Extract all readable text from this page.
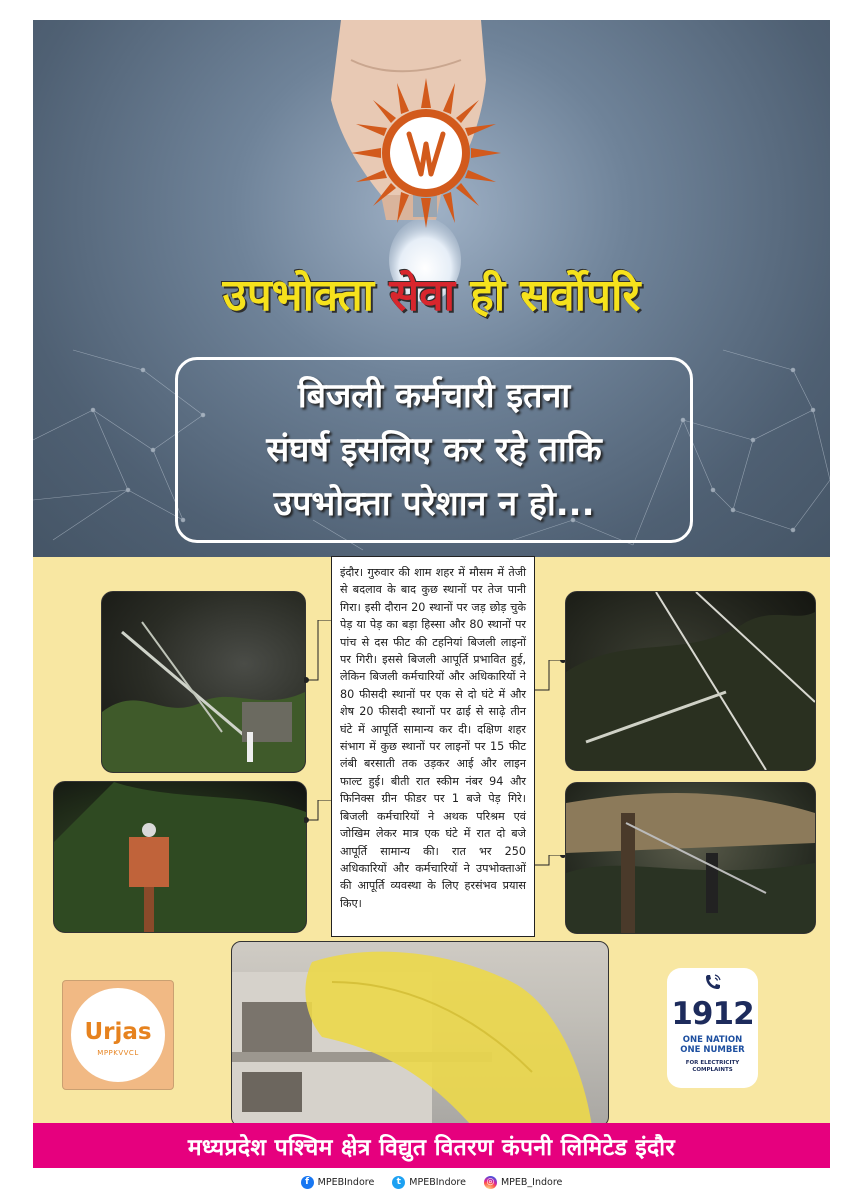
उपभोक्ता सेवा ही सर्वोपरि
बिजली कर्मचारी इतना
संघर्ष इसलिए कर रहे ताकि
उपभोक्ता परेशान न हो...
इंदौर। गुरुवार की शाम शहर में मौसम में तेजी से बदलाव के बाद कुछ स्थानों पर तेज पानी गिरा। इसी दौरान 20 स्थानों पर जड़ छोड़ चुके पेड़ या पेड़ का बड़ा हिस्सा और 80 स्थानों पर पांच से दस फीट की टहनियां बिजली लाइनों पर गिरी। इससे बिजली आपूर्ति प्रभावित हुई, लेकिन बिजली कर्मचारियों और अधिकारियों ने 80 फीसदी स्थानों पर एक से दो घंटे में और शेष 20 फीसदी स्थानों पर ढाई से साढ़े तीन घंटे में आपूर्ति सामान्य कर दी। दक्षिण शहर संभाग में कुछ स्थानों पर लाइनों पर 15 फीट लंबी बरसाती तक उड़कर आई और लाइन फाल्ट हुई। बीती रात स्कीम नंबर 94 और फिनिक्स ग्रीन फीडर पर 1 बजे पेड़ गिरे। बिजली कर्मचारियों ने अथक परिश्रम एवं जोखिम लेकर मात्र एक घंटे में रात दो बजे आपूर्ति सामान्य की। रात भर 250 अधिकारियों और कर्मचारियों ने उपभोक्ताओं की आपूर्ति व्यवस्था के लिए हरसंभव प्रयास किए।
Urjas
MPPKVVCL
1912
ONE NATION
ONE NUMBER
FOR ELECTRICITY
COMPLAINTS
मध्यप्रदेश पश्चिम क्षेत्र विद्युत वितरण कंपनी लिमिटेड इंदौर
f MPEBIndore	t MPEBIndore ◎ MPEB_Indore
